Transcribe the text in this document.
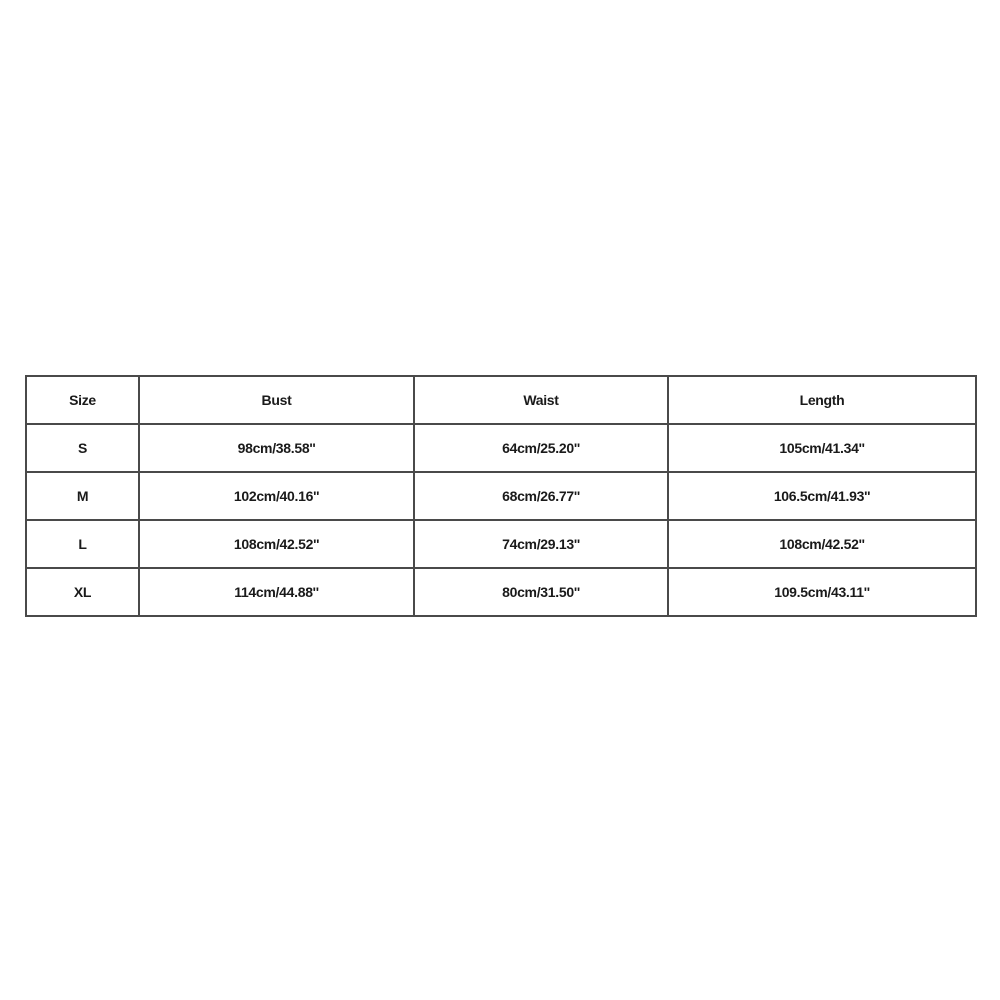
Size	Bust	Waist	Length
S	98cm/38.58''	64cm/25.20''	105cm/41.34''
M	102cm/40.16''	68cm/26.77''	106.5cm/41.93''
L	108cm/42.52''	74cm/29.13''	108cm/42.52''
XL	114cm/44.88''	80cm/31.50''	109.5cm/43.11''
